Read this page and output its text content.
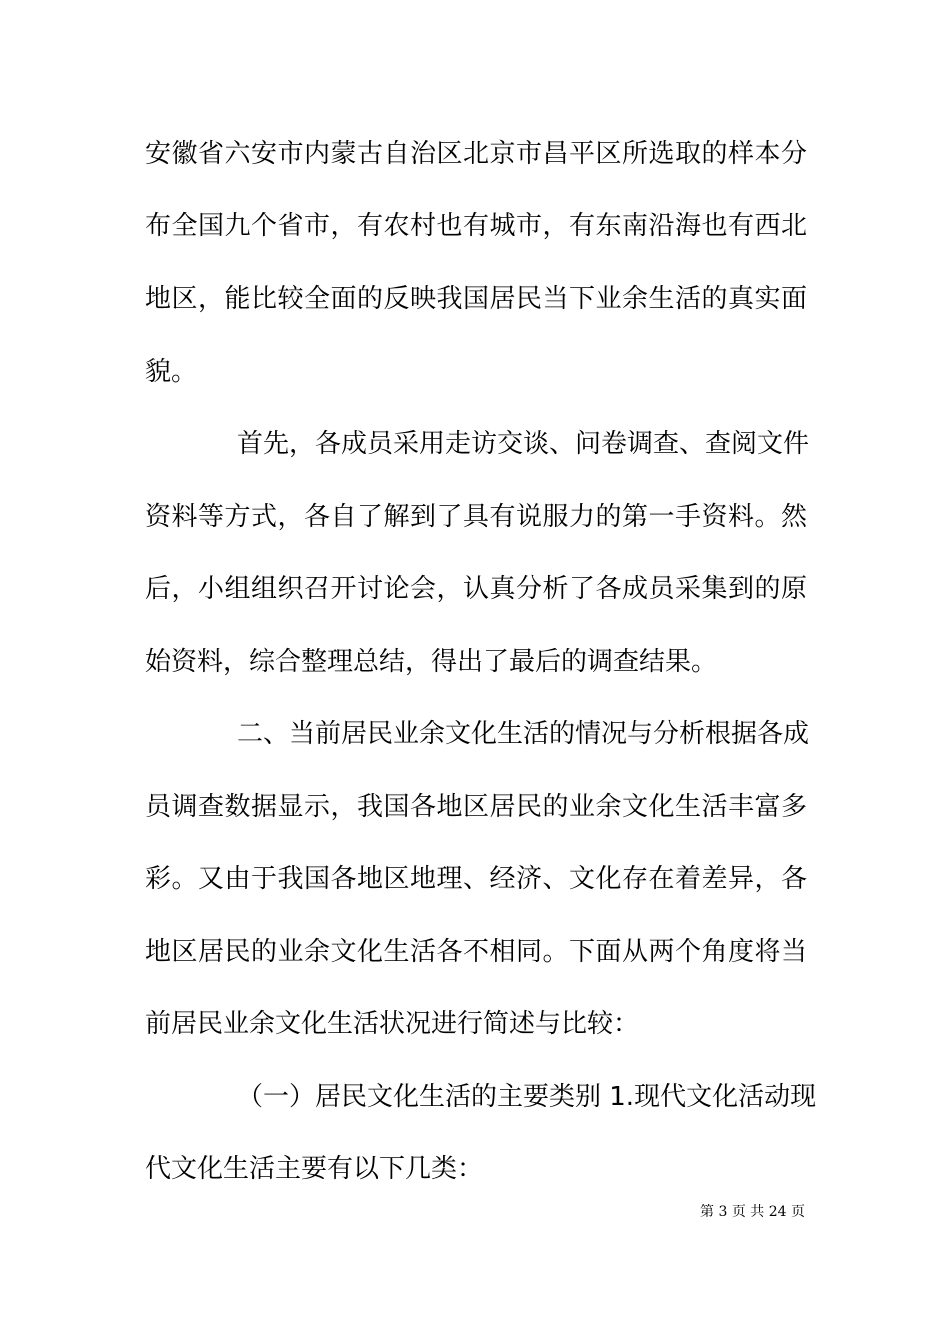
安徽省六安市内蒙古自治区北京市昌平区所选取的样本分
布全国九个省市，有农村也有城市，有东南沿海也有西北
地区，能比较全面的反映我国居民当下业余生活的真实面
貌。
首先，各成员采用走访交谈、问卷调查、查阅文件
资料等方式，各自了解到了具有说服力的第一手资料。然
后，小组组织召开讨论会，认真分析了各成员采集到的原
始资料，综合整理总结，得出了最后的调查结果。
二、当前居民业余文化生活的情况与分析根据各成
员调查数据显示，我国各地区居民的业余文化生活丰富多
彩。又由于我国各地区地理、经济、文化存在着差异，各
地区居民的业余文化生活各不相同。下面从两个角度将当
前居民业余文化生活状况进行简述与比较：
（一）居民文化生活的主要类别 1.现代文化活动现
代文化生活主要有以下几类：
第 3 页 共 24 页
